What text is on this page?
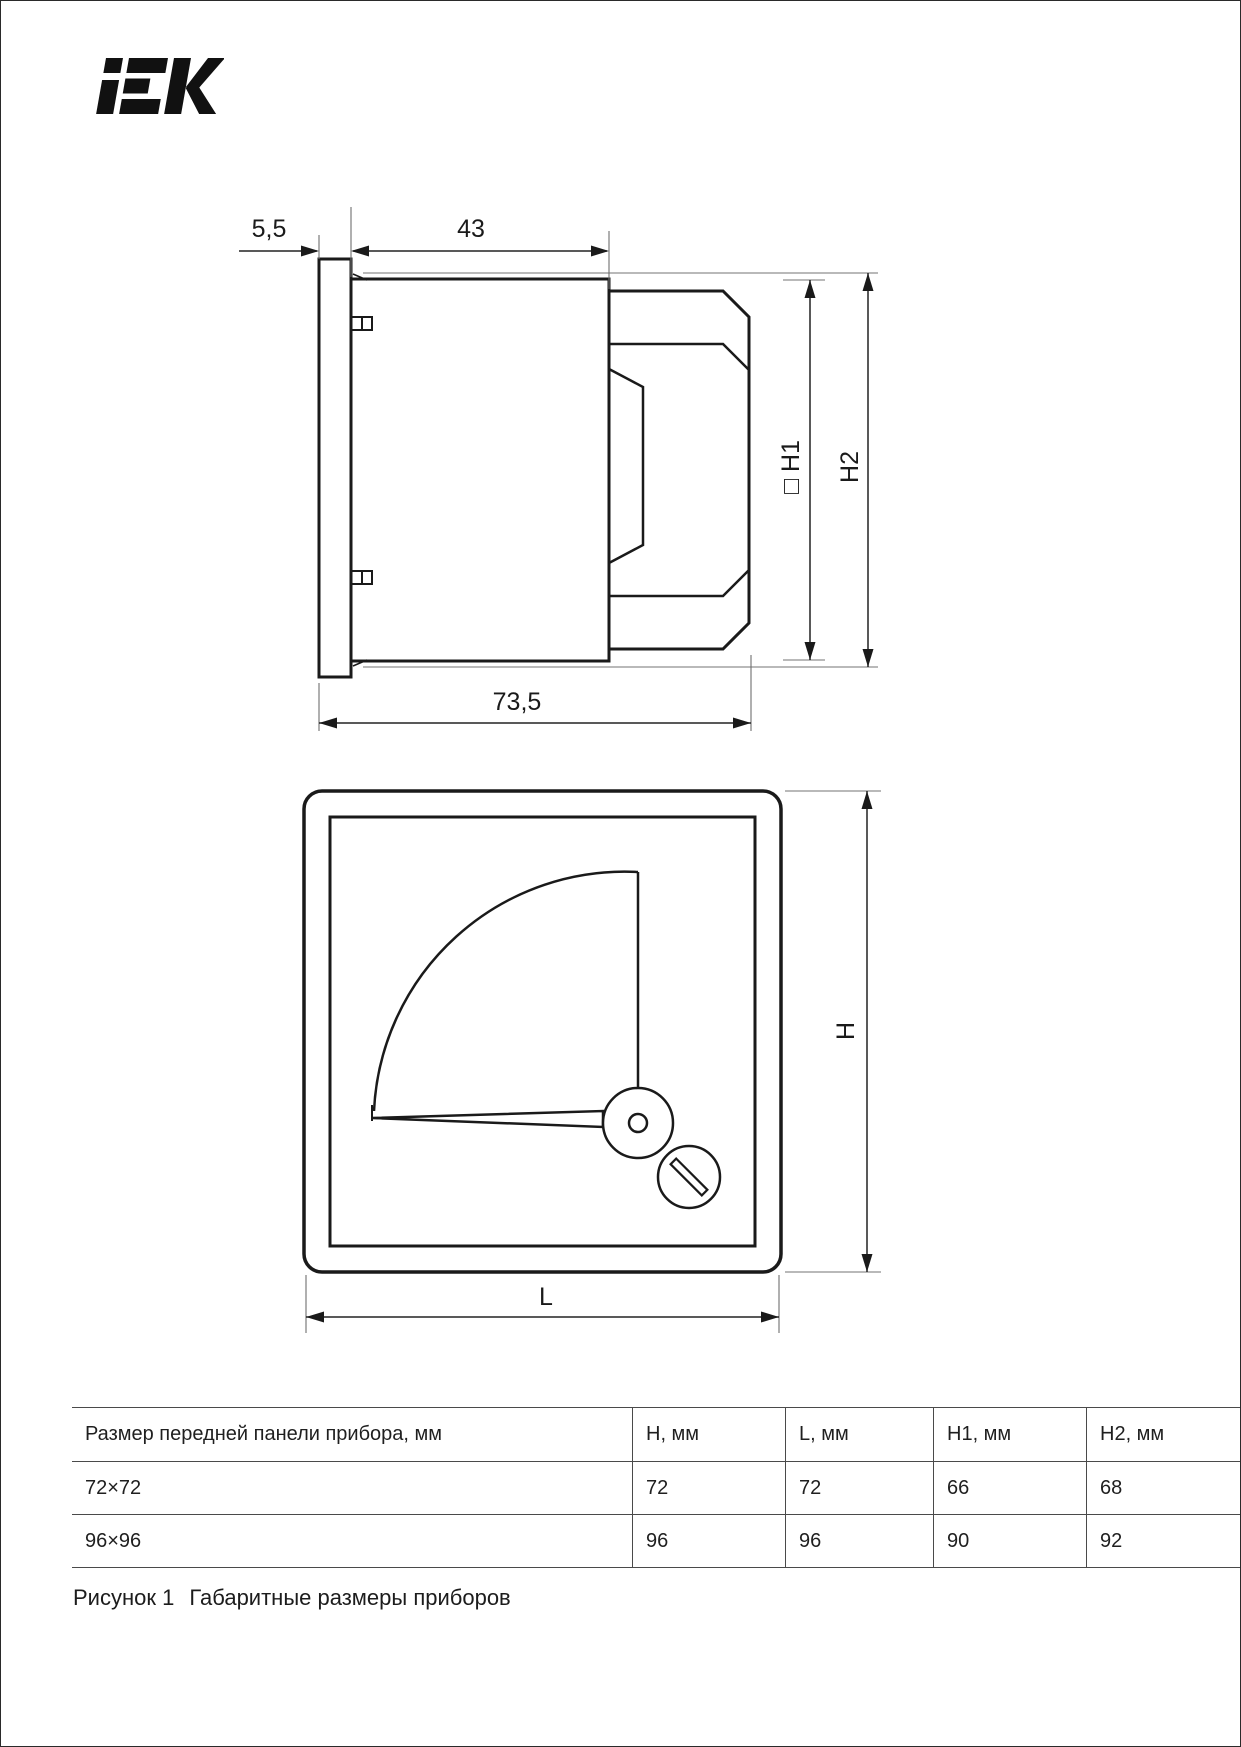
5,5	43
73,5
□ H1 H2
L
H
Размер передней панели прибора, мм	H, мм	L, мм	H1, мм	H2, мм
72×72	72	72	66	68
96×96	96	96	90	92
Рисунок 1 Габаритные размеры приборов
